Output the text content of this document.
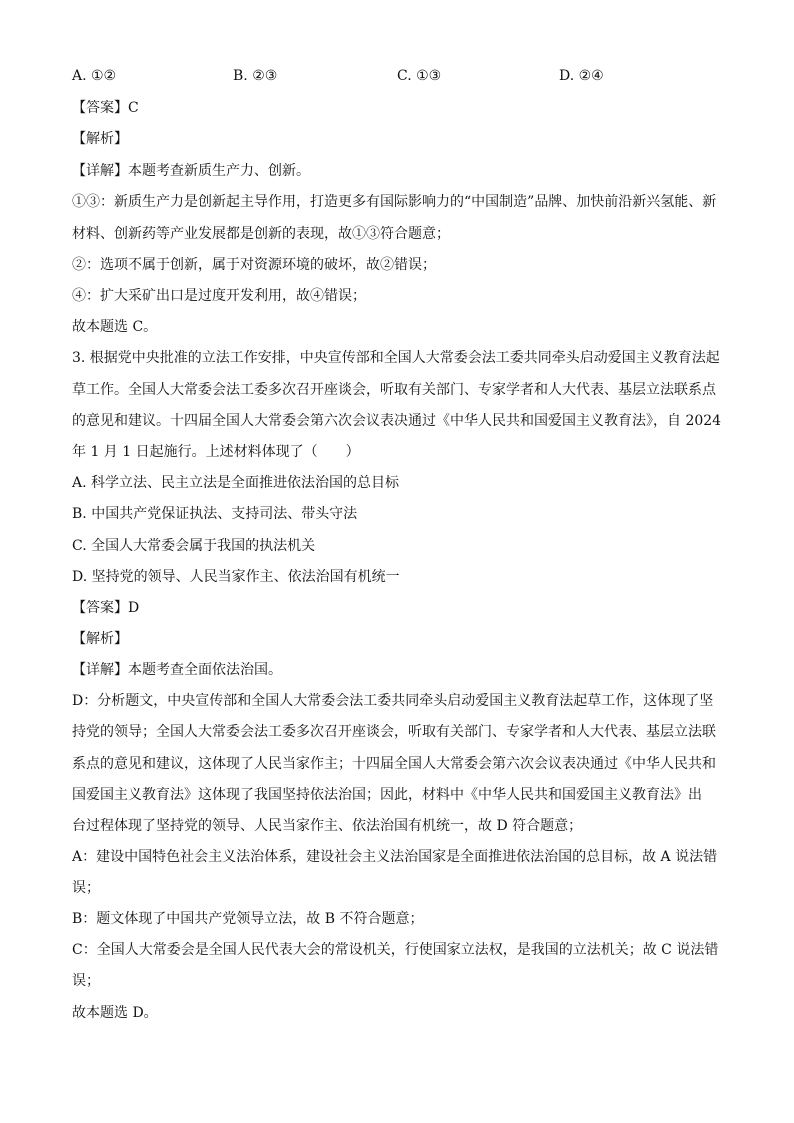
A. ①②	B. ②③	C. ①③	D. ②④
【答案】C
【解析】
【详解】本题考查新质生产力、创新。
①③：新质生产力是创新起主导作用，打造更多有国际影响力的“中国制造”品牌、加快前沿新兴氢能、新
材料、创新药等产业发展都是创新的表现，故①③符合题意；
②：选项不属于创新，属于对资源环境的破坏，故②错误；
④：扩大采矿出口是过度开发利用，故④错误；
故本题选 C。
3. 根据党中央批准的立法工作安排，中央宣传部和全国人大常委会法工委共同牵头启动爱国主义教育法起
草工作。全国人大常委会法工委多次召开座谈会，听取有关部门、专家学者和人大代表、基层立法联系点
的意见和建议。十四届全国人大常委会第六次会议表决通过《中华人民共和国爱国主义教育法》，自 2024
年 1 月 1 日起施行。上述材料体现了（　　）
A. 科学立法、民主立法是全面推进依法治国的总目标
B. 中国共产党保证执法、支持司法、带头守法
C. 全国人大常委会属于我国的执法机关
D. 坚持党的领导、人民当家作主、依法治国有机统一
【答案】D
【解析】
【详解】本题考查全面依法治国。
D：分析题文，中央宣传部和全国人大常委会法工委共同牵头启动爱国主义教育法起草工作，这体现了坚
持党的领导；全国人大常委会法工委多次召开座谈会，听取有关部门、专家学者和人大代表、基层立法联
系点的意见和建议，这体现了人民当家作主；十四届全国人大常委会第六次会议表决通过《中华人民共和
国爱国主义教育法》这体现了我国坚持依法治国；因此，材料中《中华人民共和国爱国主义教育法》出
台过程体现了坚持党的领导、人民当家作主、依法治国有机统一，故 D 符合题意；
A：建设中国特色社会主义法治体系，建设社会主义法治国家是全面推进依法治国的总目标，故 A 说法错
误；
B：题文体现了中国共产党领导立法，故 B 不符合题意；
C：全国人大常委会是全国人民代表大会的常设机关，行使国家立法权，是我国的立法机关；故 C 说法错
误；
故本题选 D。
